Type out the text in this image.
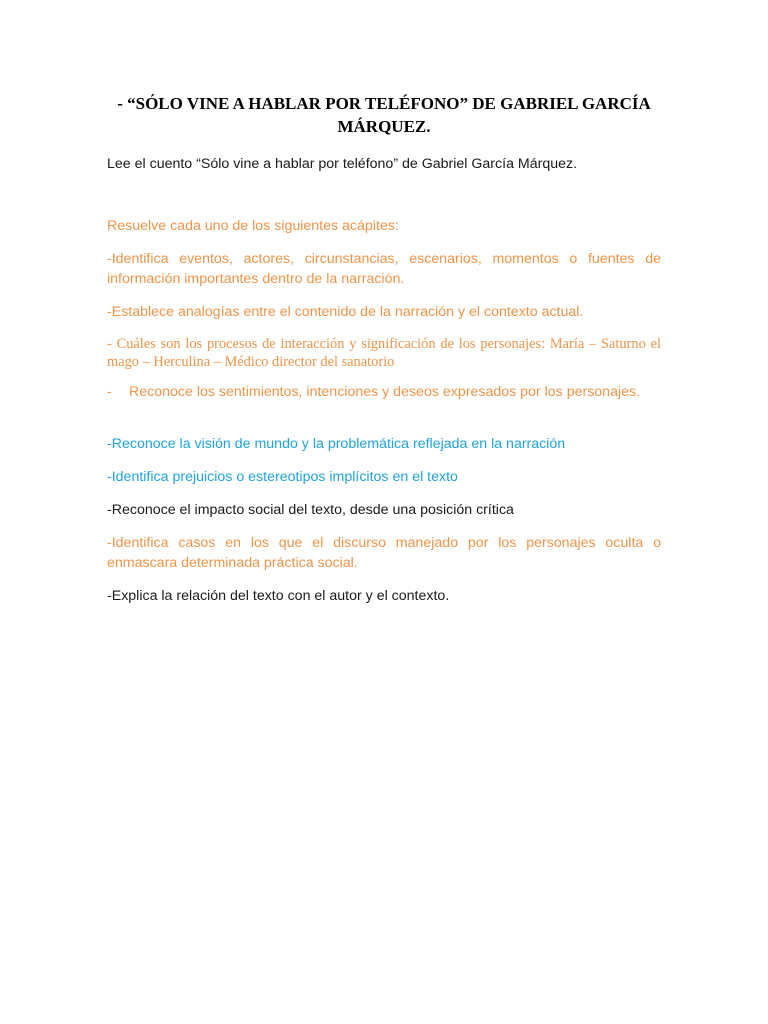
- “SÓLO VINE A HABLAR POR TELÉFONO” DE GABRIEL GARCÍA MÁRQUEZ.

Lee el cuento “Sólo vine a hablar por teléfono” de Gabriel García Márquez.

Resuelve cada uno de los siguientes acápites:

-Identifica eventos, actores, circunstancias, escenarios, momentos o fuentes de información importantes dentro de la narración.

-Establece analogías entre el contenido de la narración y el contexto actual.

- Cuáles son los procesos de interacción y significación de los personajes: María – Saturno el mago – Herculina – Médico director del sanatorio

-	Reconoce los sentimientos, intenciones y deseos expresados por los personajes.

-Reconoce la visión de mundo y la problemática reflejada en la narración

-Identifica prejuicios o estereotipos implícitos en el texto

-Reconoce el impacto social del texto, desde una posición crítica

-Identifica casos en los que el discurso manejado por los personajes oculta o enmascara determinada práctica social.

-Explica la relación del texto con el autor y el contexto.
